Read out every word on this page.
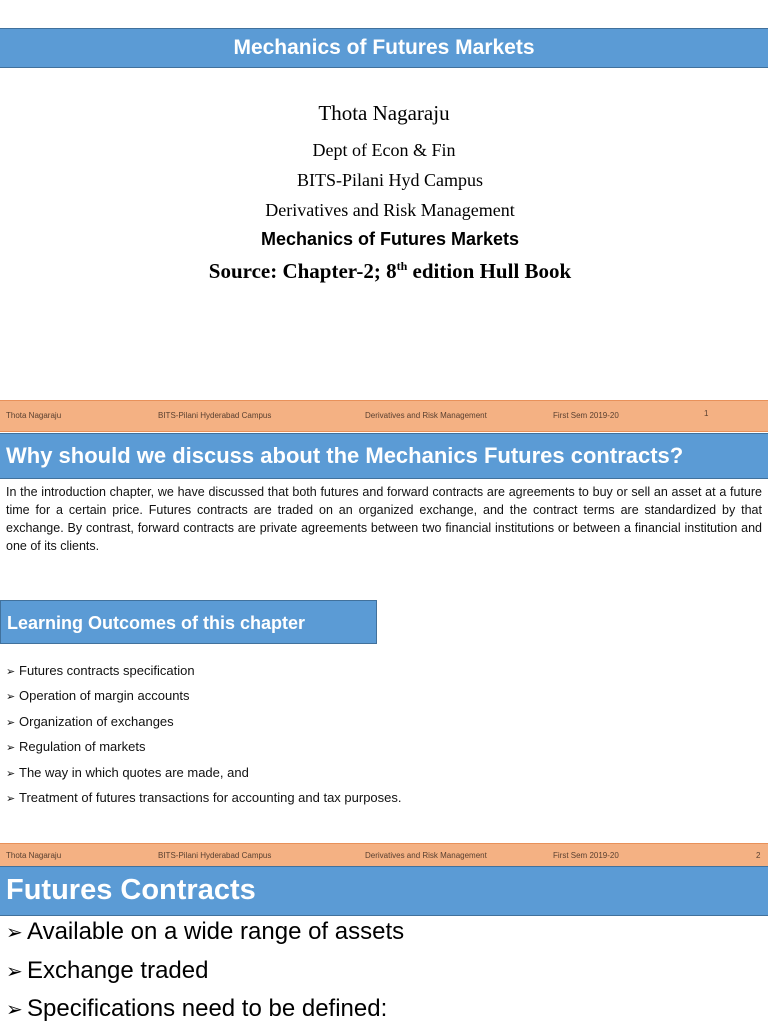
Mechanics of Futures Markets
Thota Nagaraju
Dept of Econ & Fin
BITS-Pilani Hyd Campus
Derivatives and Risk Management
Mechanics of Futures Markets
Source: Chapter-2; 8th edition Hull Book
Thota Nagaraju	BITS-Pilani Hyderabad Campus	Derivatives and Risk Management	First Sem 2019-20	1
Why should we discuss about the Mechanics Futures contracts?
In the introduction chapter, we have discussed that both futures and forward contracts are agreements to buy or sell an asset at a future time for a certain price. Futures contracts are traded on an organized exchange, and the contract terms are standardized by that exchange. By contrast, forward contracts are private agreements between two financial institutions or between a financial institution and one of its clients.
Learning Outcomes of this chapter
➢ Futures contracts specification
➢ Operation of margin accounts
➢ Organization of exchanges
➢ Regulation of markets
➢ The way in which quotes are made, and
➢ Treatment of futures transactions for accounting and tax purposes.
Thota Nagaraju	BITS-Pilani Hyderabad Campus	Derivatives and Risk Management	First Sem 2019-20	2
Futures Contracts
➢ Available on a wide range of assets
➢ Exchange traded
➢ Specifications need to be defined:
